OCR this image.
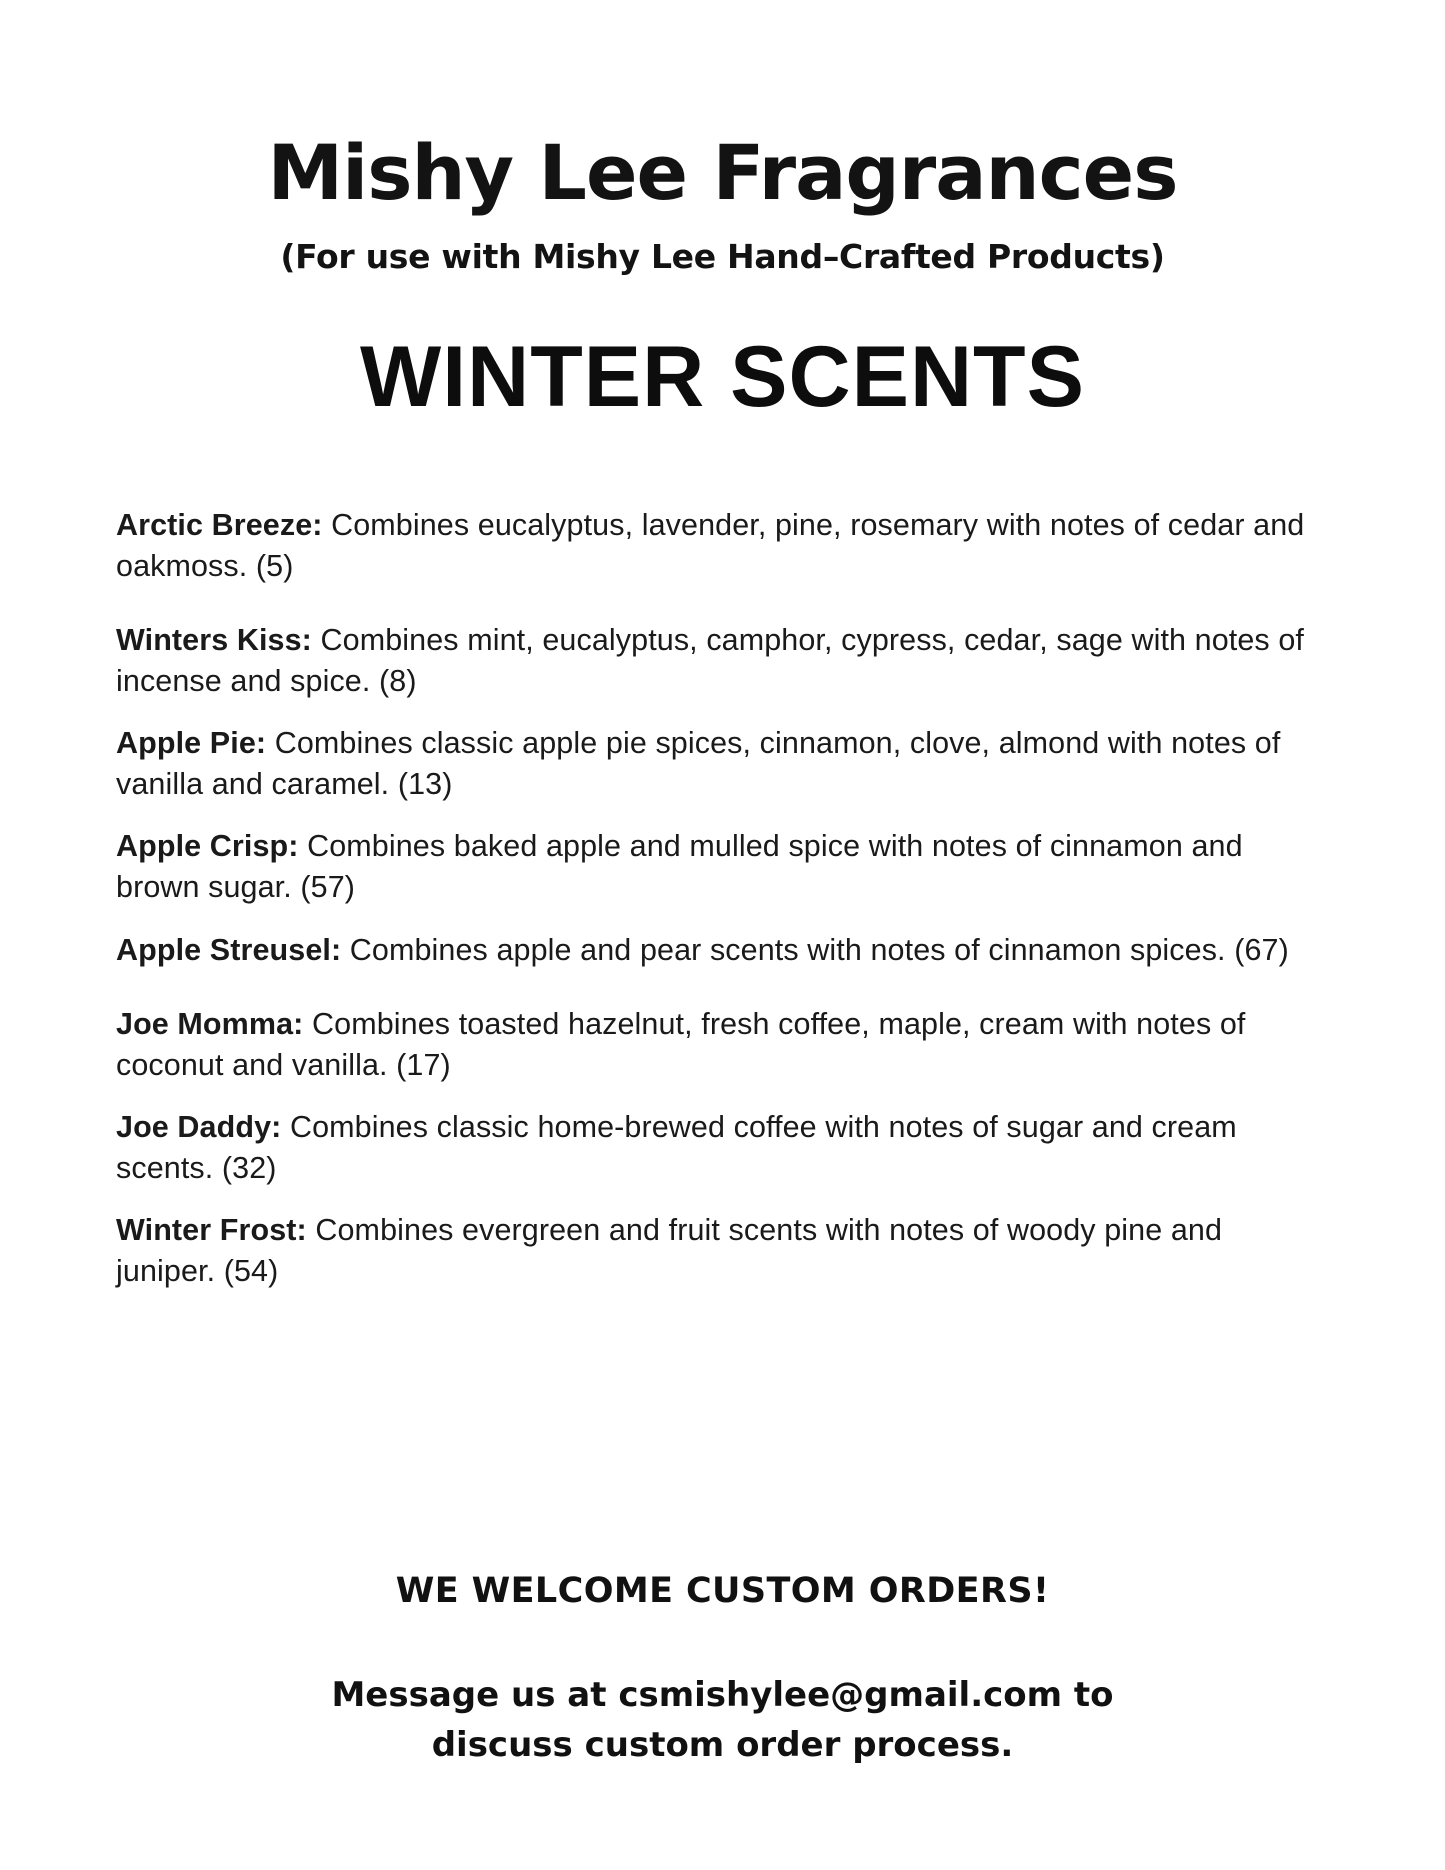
Mishy Lee Fragrances

(For use with Mishy Lee Hand–Crafted Products)

WINTER SCENTS
Arctic Breeze: Combines eucalyptus, lavender, pine, rosemary with notes of cedar and oakmoss. (5)
Winters Kiss: Combines mint, eucalyptus, camphor, cypress, cedar, sage with notes of incense and spice. (8)
Apple Pie: Combines classic apple pie spices, cinnamon, clove, almond with notes of vanilla and caramel. (13)
Apple Crisp: Combines baked apple and mulled spice with notes of cinnamon and brown sugar. (57)
Apple Streusel: Combines apple and pear scents with notes of cinnamon spices. (67)
Joe Momma: Combines toasted hazelnut, fresh coffee, maple, cream with notes of coconut and vanilla. (17)
Joe Daddy: Combines classic home-brewed coffee with notes of sugar and cream scents. (32)
Winter Frost: Combines evergreen and fruit scents with notes of woody pine and juniper. (54)

WE WELCOME CUSTOM ORDERS!

Message us at csmishylee@gmail.com to
discuss custom order process.
